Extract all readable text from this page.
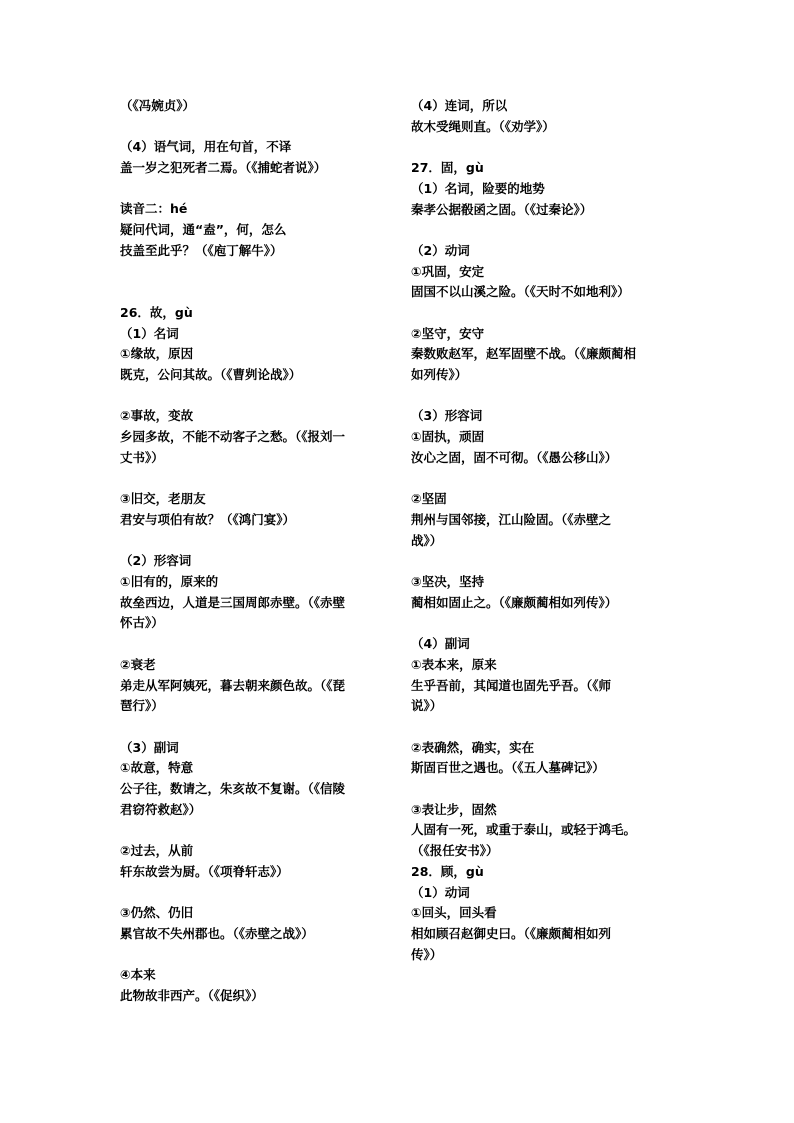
（《冯婉贞》）
（4）语气词，用在句首，不译
盖一岁之犯死者二焉。（《捕蛇者说》）
读音二：hé
疑问代词，通“盍”，何，怎么
技盖至此乎？（《庖丁解牛》）
26．故，gù
（1）名词
①缘故，原因
既克，公问其故。（《曹刿论战》）
②事故，变故
乡园多故，不能不动客子之愁。（《报刘一
丈书》）
③旧交，老朋友
君安与项伯有故？（《鸿门宴》）
（2）形容词
①旧有的，原来的
故垒西边，人道是三国周郎赤壁。（《赤壁
怀古》）
②衰老
弟走从军阿姨死，暮去朝来颜色故。（《琵
琶行》）
（3）副词
①故意，特意
公子往，数请之，朱亥故不复谢。（《信陵
君窃符救赵》）
②过去，从前
轩东故尝为厨。（《项脊轩志》）
③仍然、仍旧
累官故不失州郡也。（《赤壁之战》）
④本来
此物故非西产。（《促织》）
（4）连词，所以
故木受绳则直。（《劝学》）
27．固，gù
（1）名词，险要的地势
秦孝公据殽函之固。（《过秦论》）
（2）动词
①巩固，安定
固国不以山溪之险。（《天时不如地利》）
②坚守，安守
秦数败赵军，赵军固壁不战。（《廉颇蔺相
如列传》）
（3）形容词
①固执，顽固
汝心之固，固不可彻。（《愚公移山》）
②坚固
荆州与国邻接，江山险固。（《赤壁之
战》）
③坚决，坚持
蔺相如固止之。（《廉颇蔺相如列传》）
（4）副词
①表本来，原来
生乎吾前，其闻道也固先乎吾。（《师
说》）
②表确然，确实，实在
斯固百世之遇也。（《五人墓碑记》）
③表让步，固然
人固有一死，或重于泰山，或轻于鸿毛。
（《报任安书》）
28．顾，gù
（1）动词
①回头，回头看
相如顾召赵御史曰。（《廉颇蔺相如列
传》）
